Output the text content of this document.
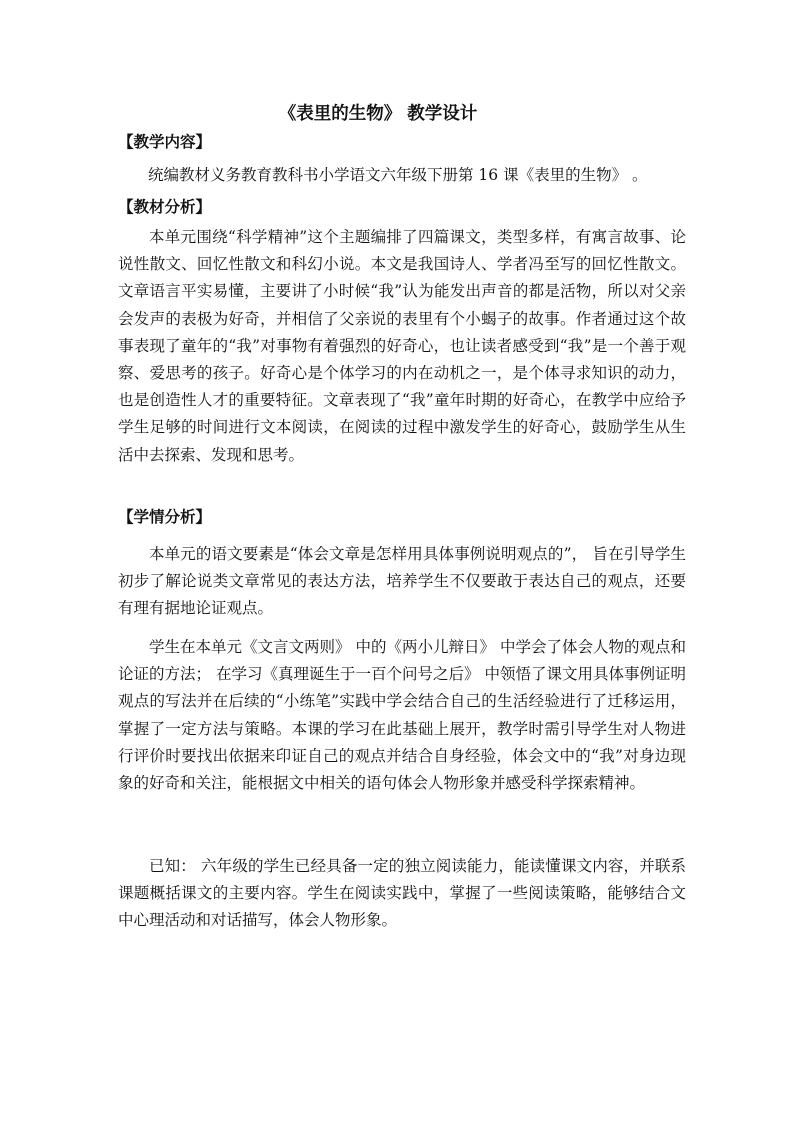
《表里的生物》 教学设计
【教学内容】
统编教材义务教育教科书小学语文六年级下册第 16 课《表里的生物》 。
【教材分析】
本单元围绕“科学精神”这个主题编排了四篇课文，类型多样，有寓言故事、论说性散文、回忆性散文和科幻小说。本文是我国诗人、学者冯至写的回忆性散文。文章语言平实易懂，主要讲了小时候“我”认为能发出声音的都是活物，所以对父亲会发声的表极为好奇，并相信了父亲说的表里有个小蝎子的故事。作者通过这个故事表现了童年的“我”对事物有着强烈的好奇心，也让读者感受到“我”是一个善于观察、爱思考的孩子。好奇心是个体学习的内在动机之一，是个体寻求知识的动力，也是创造性人才的重要特征。文章表现了“我”童年时期的好奇心，在教学中应给予学生足够的时间进行文本阅读，在阅读的过程中激发学生的好奇心，鼓励学生从生活中去探索、发现和思考。
【学情分析】
本单元的语文要素是“体会文章是怎样用具体事例说明观点的”， 旨在引导学生初步了解论说类文章常见的表达方法，培养学生不仅要敢于表达自己的观点，还要有理有据地论证观点。
学生在本单元《文言文两则》 中的《两小儿辩日》 中学会了体会人物的观点和论证的方法； 在学习《真理诞生于一百个问号之后》 中领悟了课文用具体事例证明观点的写法并在后续的“小练笔”实践中学会结合自己的生活经验进行了迁移运用，掌握了一定方法与策略。本课的学习在此基础上展开，教学时需引导学生对人物进行评价时要找出依据来印证自己的观点并结合自身经验，体会文中的“我”对身边现象的好奇和关注，能根据文中相关的语句体会人物形象并感受科学探索精神。
已知： 六年级的学生已经具备一定的独立阅读能力，能读懂课文内容，并联系课题概括课文的主要内容。学生在阅读实践中，掌握了一些阅读策略，能够结合文中心理活动和对话描写，体会人物形象。
